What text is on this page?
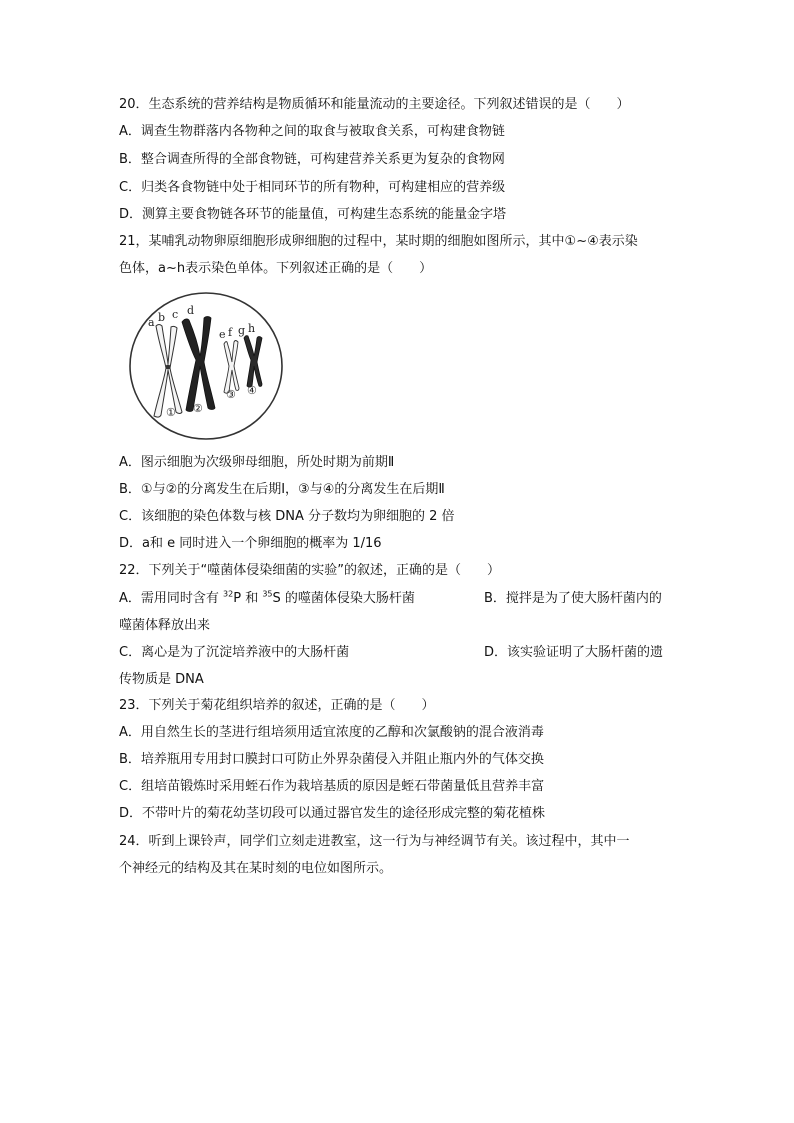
20．生态系统的营养结构是物质循环和能量流动的主要途径。下列叙述错误的是（　　）
A．调查生物群落内各物种之间的取食与被取食关系，可构建食物链
B．整合调查所得的全部食物链，可构建营养关系更为复杂的食物网
C．归类各食物链中处于相同环节的所有物种，可构建相应的营养级
D．测算主要食物链各环节的能量值，可构建生态系统的能量金字塔
21，某哺乳动物卵原细胞形成卵细胞的过程中，某时期的细胞如图所示，其中①~④表示染
色体，a~h表示染色单体。下列叙述正确的是（　　）
a b c d
e f g h
① ②
③ ④
A．图示细胞为次级卵母细胞，所处时期为前期Ⅱ
B．①与②的分离发生在后期Ⅰ，③与④的分离发生在后期Ⅱ
C．该细胞的染色体数与核 DNA 分子数均为卵细胞的 2 倍
D．a和 e 同时进入一个卵细胞的概率为 1/16
22．下列关于“噬菌体侵染细菌的实验”的叙述，正确的是（　　）
A．需用同时含有 $^{32}$P 和 $^{35}$S 的噬菌体侵染大肠杆菌	B．搅拌是为了使大肠杆菌内的
噬菌体释放出来
C．离心是为了沉淀培养液中的大肠杆菌	D．该实验证明了大肠杆菌的遗
传物质是 DNA
23．下列关于菊花组织培养的叙述，正确的是（　　）
A．用自然生长的茎进行组培须用适宜浓度的乙醇和次氯酸钠的混合液消毒
B．培养瓶用专用封口膜封口可防止外界杂菌侵入并阻止瓶内外的气体交换
C．组培苗锻炼时采用蛭石作为栽培基质的原因是蛭石带菌量低且营养丰富
D．不带叶片的菊花幼茎切段可以通过器官发生的途径形成完整的菊花植株
24．听到上课铃声，同学们立刻走进教室，这一行为与神经调节有关。该过程中，其中一
个神经元的结构及其在某时刻的电位如图所示。
